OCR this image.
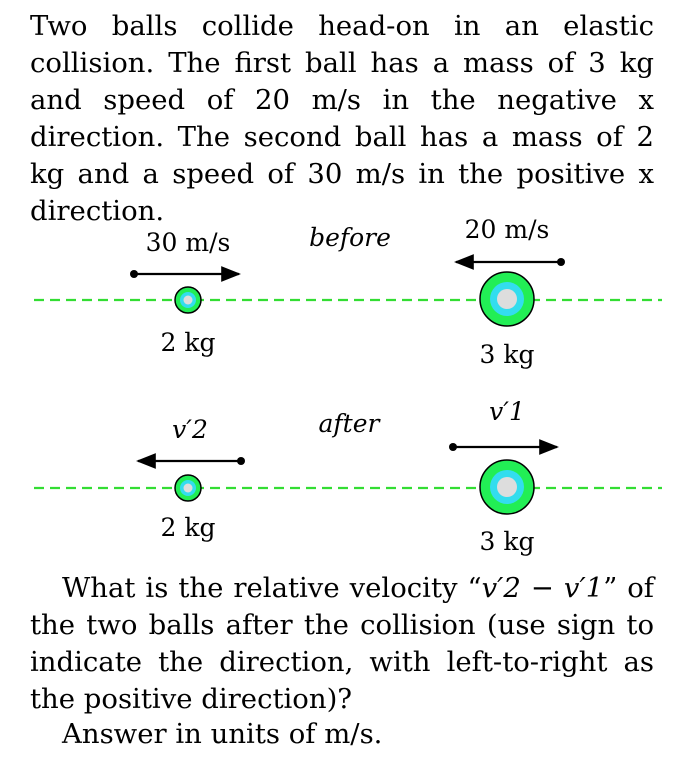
Two balls collide head-on in an elastic collision. The first ball has a mass of 3 kg and speed of 20 m/s in the negative x direction. The second ball has a mass of 2 kg and a speed of 30 m/s in the positive x direction.

30 m/s	before	20 m/s
2 kg	3 kg
v′2	after	v′1
2 kg	3 kg

What is the relative velocity “v′2 − v′1” of the two balls after the collision (use sign to indicate the direction, with left-to-right as the positive direction)?

Answer in units of m/s.
